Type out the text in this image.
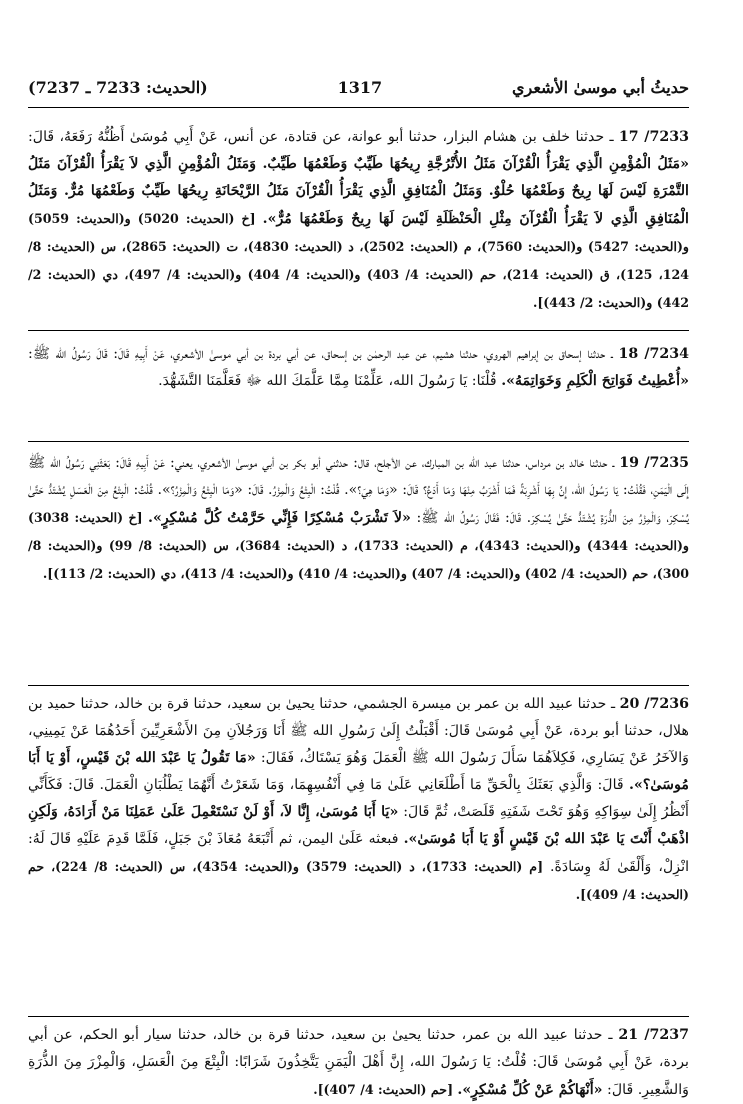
حديثُ أبي موسىٰ الأشعري
1317
(الحديث: 7233 ـ 7237)
7233/ 17 ـ حدثنا خلف بن هشام البزار، حدثنا أبو عوانة، عن قتادة، عن أنس، عَنْ أَبِي مُوسَىٰ أَظُنُّهُ رَفَعَهُ، قَالَ: «مَثَلُ الْمُؤْمِنِ الَّذِي يَقْرَأُ الْقُرْآنَ مَثَلُ الأُتْرُجَّةِ رِيحُهَا طَيِّبٌ وَطَعْمُهَا طَيِّبٌ. وَمَثَلُ الْمُؤْمِنِ الَّذِي لاَ يَقْرَأُ الْقُرْآنَ مَثَلُ التَّمْرَةِ لَيْسَ لَهَا رِيحٌ وَطَعْمُهَا حُلْوٌ. وَمَثَلُ الْمُنَافِقِ الَّذِي يَقْرَأُ الْقُرْآنَ مَثَلُ الرَّيْحَانَةِ رِيحُهَا طَيِّبٌ وَطَعْمُهَا مُرٌّ. وَمَثَلُ الْمُنَافِقِ الَّذِي لاَ يَقْرَأُ الْقُرْآنَ مِثْلِ الْحَنْظَلَةِ لَيْسَ لَهَا رِيحٌ وَطَعْمُهَا مُرٌّ». [خ (الحديث: 5020) و(الحديث: 5059) و(الحديث: 5427) و(الحديث: 7560)، م (الحديث: 2502)، د (الحديث: 4830)، ت (الحديث: 2865)، س (الحديث: 8/ 124، 125)، ق (الحديث: 214)، حم (الحديث: 4/ 403) و(الحديث: 4/ 404) و(الحديث: 4/ 497)، دي (الحديث: 2/ 442) و(الحديث: 2/ 443)].
7234/ 18 ـ حدثنا إسحاق بن إبراهيم الهروي، حدثنا هشيم، عن عبد الرحمٰن بن إسحاق، عن أبي بردة بن أبي موسىٰ الأشعري، عَنْ أَبِيهِ قَالَ: قَالَ رَسُولُ الله ﷺ: «أُعْطِيتُ فَوَاتِحَ الْكَلِمِ وَخَوَاتِمَهُ». قُلْنَا: يَا رَسُولَ الله، عَلِّمْنَا مِمَّا عَلَّمَكَ الله ﷻ فَعَلَّمَنَا التَّشَهُّدَ.
7235/ 19 ـ حدثنا خالد بن مرداس، حدثنا عبد الله بن المبارك، عن الأجلح، قال: حدثني أبو بكر بن أبي موسىٰ الأشعري، يعني: عَنْ أَبِيهِ قَالَ: بَعَثَنِي رَسُولُ الله ﷺ إِلَى الْيَمَنِ، فَقُلْتُ: يَا رَسُولَ الله، إِنَّ بِهَا أَشْرِبَةً فَمَا أَشْرَبُ مِنْهَا وَمَا أَدَعُ؟ قَالَ: «وَمَا هِيَ؟». قُلْتُ: الْبِتْعُ وَالْمِزْرُ. قَالَ: «وَمَا الْبِتْعُ وَالْمِزْرُ؟». قُلْتُ: الْبِتْعُ مِنَ الْعَسَلِ يُشْتَدُّ حَتَّىٰ يُسْكِرَ، وَالْمِزْرُ مِنَ الذُّرَةِ يُشْتَدُّ حَتَّىٰ يُسْكِرَ. قَالَ: فَقَالَ رَسُولُ الله ﷺ: «لاَ تَشْرَبْ مُسْكِرًا فَإِنِّي حَرَّمْتُ كُلَّ مُسْكِرٍ». [خ (الحديث: 3038) و(الحديث: 4344) و(الحديث: 4343)، م (الحديث: 1733)، د (الحديث: 3684)، س (الحديث: 8/ 99) و(الحديث: 8/ 300)، حم (الحديث: 4/ 402) و(الحديث: 4/ 407) و(الحديث: 4/ 410) و(الحديث: 4/ 413)، دي (الحديث: 2/ 113)].
7236/ 20 ـ حدثنا عبيد الله بن عمر بن ميسرة الجشمي، حدثنا يحيىٰ بن سعيد، حدثنا قرة بن خالد، حدثنا حميد بن هلال، حدثنا أبو بردة، عَنْ أَبِي مُوسَىٰ قَالَ: أَقْبَلْتُ إِلَىٰ رَسُولِ الله ﷺ أَنَا وَرَجُلاَنِ مِنَ الأَشْعَرِيِّينَ أَحَدُهُمَا عَنْ يَمِينِي، وَالآخَرُ عَنْ يَسَارِي، فَكِلاَهُمَا سَأَلَ رَسُولَ الله ﷺ الْعَمَلَ وَهُوَ يَسْتَاكُ، فَقَالَ: «مَا تَقُولُ يَا عَبْدَ الله بْنَ قَيْسٍ، أَوْ يَا أَبَا مُوسَىٰ؟». قَالَ: وَالَّذِي بَعَثَكَ بِالْحَقِّ مَا أَطْلَعَانِي عَلَىٰ مَا فِي أَنْفُسِهِمَا، وَمَا شَعَرْتُ أَنَّهُمَا يَطْلُبَانِ الْعَمَلَ. قَالَ: فَكَأَنِّي أَنْظُرُ إِلَىٰ سِوَاكِهِ وَهُوَ تَحْتَ شَفَتِهِ قَلَصَتْ، ثُمَّ قَالَ: «يَا أَبَا مُوسَىٰ، إِنَّا لاَ، أَوْ لَنْ نَسْتَعْمِلَ عَلَىٰ عَمَلِنَا مَنْ أَرَادَهُ، وَلَكِنِ اذْهَبْ أَنْتَ يَا عَبْدَ الله بْنَ قَيْسٍ أَوْ يَا أَبَا مُوسَىٰ». فبعثه عَلَىٰ اليمن، ثم أَتْبَعَهُ مُعَاذَ بْنَ جَبَلٍ، فَلَمَّا قَدِمَ عَلَيْهِ قَالَ لَهُ: انْزِلْ، وَأَلْقَىٰ لَهُ وِسَادَةً. [م (الحديث: 1733)، د (الحديث: 3579) و(الحديث: 4354)، س (الحديث: 8/ 224)، حم (الحديث: 4/ 409)].
7237/ 21 ـ حدثنا عبيد الله بن عمر، حدثنا يحيىٰ بن سعيد، حدثنا قرة بن خالد، حدثنا سيار أبو الحكم، عن أبي بردة، عَنْ أَبِي مُوسَىٰ قَالَ: قُلْتُ: يَا رَسُولَ الله، إِنَّ أَهْلَ الْيَمَنِ يَتَّخِذُونَ شَرَابًا: الْبِتْعَ مِنَ الْعَسَلِ، وَالْمِزْرَ مِنَ الذُّرَةِ وَالشَّعِيرِ. قَالَ: «أَنْهَاكُمْ عَنْ كُلِّ مُسْكِرٍ». [حم (الحديث: 4/ 407)].
